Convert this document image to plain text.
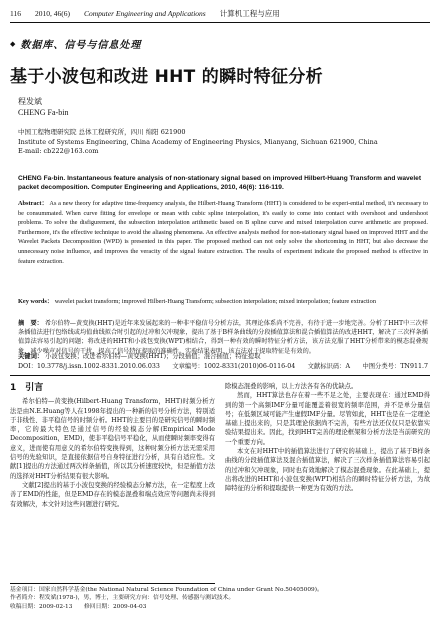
116 2010, 46(6) Computer Engineering and Applications 计算机工程与应用
◆ 数据库、信号与信息处理
基于小波包和改进 HHT 的瞬时特征分析
程发斌
CHENG Fa-bin
中国工程物理研究院 总体工程研究所，四川 绵阳 621900
Institute of Systems Engineering, China Academy of Engineering Physics, Mianyang, Sichuan 621900, China
E-mail: cb222@163.com
CHENG Fa-bin. Instantaneous feature analysis of non-stationary signal based on improved Hilbert-Huang Transform and wavelet packet decomposition. Computer Engineering and Applications, 2010, 46(6): 116-119.
Abstract： As a new theory for adaptive time-frequency analysis, the Hilbert-Huang Transform (HHT) is considered to be experi-ential method, it's necessary to be consummated. When curve fitting for envelope or mean with cubic spline interpolation, it's easily to come into contact with overshoot and undershoot problems. To solve the disfigurement, the subsection interpolation arithmetic based on B spline curve and mixed interpolation curve arithmetic are proposed. Furthermore, it's the effective technique to avoid the aliasing phenomena. An effective analysis method for non-stationary signal based on improved HHT and the Wavelet Packets Decomposition (WPD) is presented in this paper. The proposed method can not only solve the shortcoming in HHT, but also decrease the unnecessary noise influence, and improves the veracity of the signal feature extraction. The results of experiment indicate the proposed method is effective in feature extraction.
Key words： wavelet packet transform; improved Hilbert-Huang Transform; subsection interpolation; mixed interpolation; feature extraction
摘　要： 希尔伯特—黄变换(HHT)是近年来发展起来的一种非平稳信号分析方法，其理论体系尚不完善，有待于进一步地完善。分析了HHT中三次样条插值法进行包络线或均值曲线拟合时引起的过冲和欠冲现象，提出了基于B样条曲线的分段插值算法和混合插值算法的改进HHT，解决了三次样条插值算法容易引起的问题；将改进的HHT和小波包变换(WPT)相结合，得到一种有效的瞬时特征分析方法，该方法克服了HHT分析带来的模态混叠现象，减少噪声对信号的干扰，提高了信号特征提取的准确性。实验结果表明，该方法对于提取特征是有效的。
关键词： 小波包变换；改进希尔伯特—黄变换(HHT)；分段插值；混合插值；特征提取
DOI：10.3778/j.issn.1002-8331.2010.06.033 文章编号：1002-8331(2010)06-0116-04 文献标识码：A 中图分类号：TN911.7
1　引言

希尔伯特—黄变换(Hilbert-Huang Transform，HHT)时频分析方法是由N.E.Huang等人在1998年提出的一种新的信号分析方法，特别适于非线性、非平稳信号的时频分析。HHT的主要目的是研究信号的瞬时频率，它的最大特色是通过信号的经验模态分解(Empirical Mode Decomposition，EMD)，使非平稳信号平稳化，从而使瞬时频率变得有意义，进而使有用意义的希尔伯特变换得到，这种时频分析方法无需采用信号的先验知识，是直接依据信号自身特征进行分析，具有自适应性。文献[1]提出的方法通过两次样条插值，所以其分析速度较快，但是插值方法的选择对HHT分析结果有很大影响。

文献[2]提出的基于小波包变换的经验模态分解方法，在一定程度上改善了EMD的性能，但是EMD存在的模态混叠和端点效应等问题尚未得到有效解决，本文针对这些问题进行研究。

除模态混叠的影响，以上方法各有各的优缺点。

然而，HHT算法也存在着一些不足之处，主要表现在：通过EMD得到的第一个高频IMF分量可能覆盖着很宽的频率范围，并不是单分量信号；在低频区域可能产生虚假IMF分量。尽管如此，HHT也是在一定理论基础上提出来的，只是其理论依据尚不完善，有些方法还仅仅只是依靠实验结果提出来。因此，找到HHT完善的理论框架和分析方法是当前研究的一个重要方向。

本文在对HHT中的插值算法进行了研究的基础上，提出了基于B样条曲线的分段插值算法及混合插值算法，解决了三次样条插值算法容易引起的过冲和欠冲现象，同时也有效地解决了模态混叠现象。在此基础上，提出将改进的HHT和小波包变换(WPT)相结合的瞬时特征分析方法，为故障特征的分析和提取提供一种更为有效的方法。

基金项目：国家自然科学基金(the National Natural Science Foundation of China under Grant No.50405009)。
作者简介：程发斌(1978-)，男，博士，主要研究方向：信号处理、传感器与测试技术。
收稿日期：2009-02-13　　修回日期：2009-04-03
